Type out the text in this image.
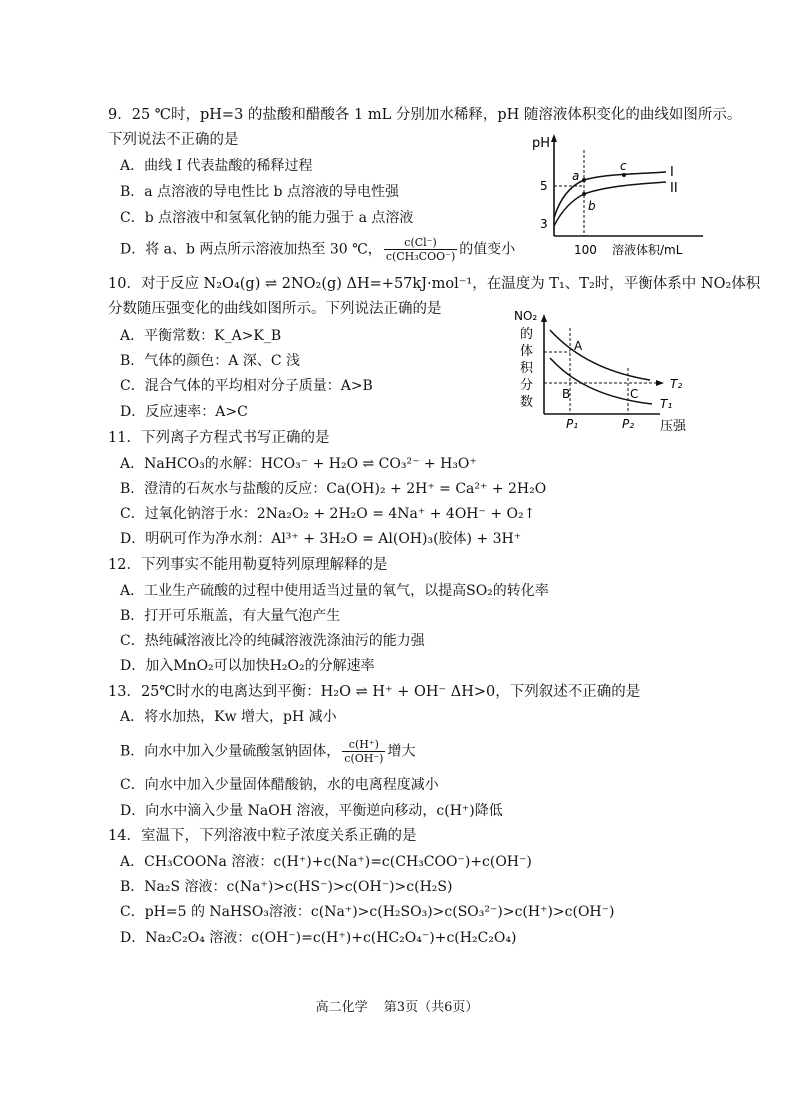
9．25 ℃时，pH=3 的盐酸和醋酸各 1 mL 分别加水稀释，pH 随溶液体积变化的曲线如图所示。
下列说法不正确的是
A．曲线 I 代表盐酸的稀释过程
B．a 点溶液的导电性比 b 点溶液的导电性强
C．b 点溶液中和氢氧化钠的能力强于 a 点溶液
D．将 a、b 两点所示溶液加热至 30 ℃， $\frac{c(Cl^-)}{\text{c(CH₃COO⁻)}}$ 的值变小
pH
5
3
a
b
c	I
II
100 溶液体积/mL
10．对于反应 N₂O₄(g) ⇌ 2NO₂(g) ΔH=+57kJ·mol⁻¹，在温度为 T₁、T₂时，平衡体系中 NO₂体积
分数随压强变化的曲线如图所示。下列说法正确的是
A．平衡常数：K_A>K_B
B．气体的颜色：A 深、C 浅
C．混合气体的平均相对分子质量：A>B
D．反应速率：A>C
NO₂
的
体
积
分
数
A
B	C
T₂
T₁
P₁	P₂ 压强
11．下列离子方程式书写正确的是
A．NaHCO₃的水解：HCO₃⁻ + H₂O ⇌ CO₃²⁻ + H₃O⁺
B．澄清的石灰水与盐酸的反应：Ca(OH)₂ + 2H⁺ = Ca²⁺ + 2H₂O
C．过氧化钠溶于水：2Na₂O₂ + 2H₂O = 4Na⁺ + 4OH⁻ + O₂↑
D．明矾可作为净水剂：Al³⁺ + 3H₂O = Al(OH)₃(胶体) + 3H⁺
12．下列事实不能用勒夏特列原理解释的是
A．工业生产硫酸的过程中使用适当过量的氧气，以提高SO₂的转化率
B．打开可乐瓶盖，有大量气泡产生
C．热纯碱溶液比冷的纯碱溶液洗涤油污的能力强
D．加入MnO₂可以加快H₂O₂的分解速率
13．25℃时水的电离达到平衡：H₂O ⇌ H⁺ + OH⁻ ΔH>0，下列叙述不正确的是
A．将水加热，Kw 增大，pH 减小
B．向水中加入少量硫酸氢钠固体， $\frac{c(H^+)}{c(OH^-)}$ 增大
C．向水中加入少量固体醋酸钠，水的电离程度减小
D．向水中滴入少量 NaOH 溶液，平衡逆向移动，c(H⁺)降低
14．室温下，下列溶液中粒子浓度关系正确的是
A．CH₃COONa 溶液：c(H⁺)+c(Na⁺)=c(CH₃COO⁻)+c(OH⁻)
B．Na₂S 溶液：c(Na⁺)>c(HS⁻)>c(OH⁻)>c(H₂S)
C．pH=5 的 NaHSO₃溶液：c(Na⁺)>c(H₂SO₃)>c(SO₃²⁻)>c(H⁺)>c(OH⁻)
D．Na₂C₂O₄ 溶液：c(OH⁻)=c(H⁺)+c(HC₂O₄⁻)+c(H₂C₂O₄)
高二化学 第3页（共6页）
